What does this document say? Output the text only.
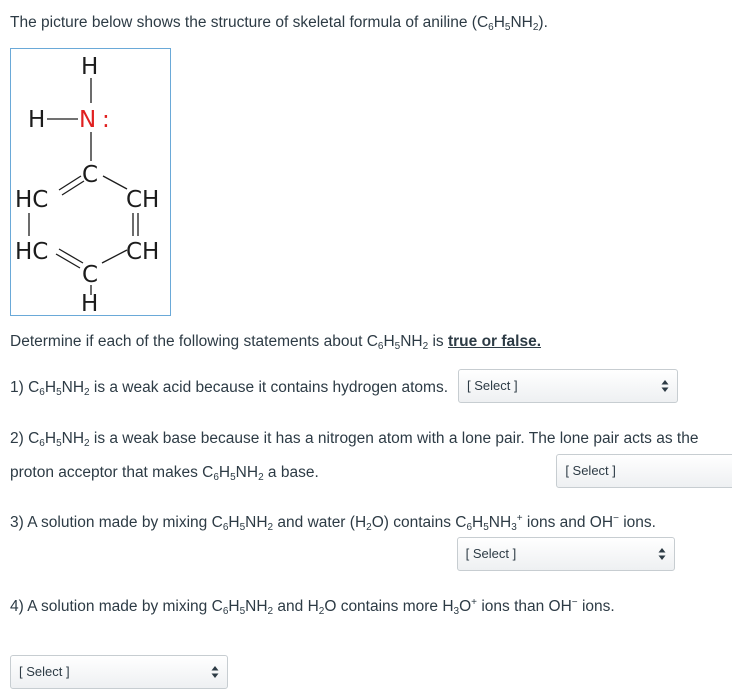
The picture below shows the structure of skeletal formula of aniline $(C_6H_5NH_2)$.
H
H N :
C
HC	CH
HC	CH
C
H
Determine if each of the following statements about $C_6H_5NH_2$ is true or false.
1) $C_6H_5NH_2$ is a weak acid because it contains hydrogen atoms. [ Select ]

2) $C_6H_5NH_2$ is a weak base because it has a nitrogen atom with a lone pair. The lone pair acts as the
proton acceptor that makes $C_6H_5NH_2$ a base.	[ Select ]

3) A solution made by mixing $C_6H_5NH_2$ and water $(H_2O)$ contains $C_6H_5NH_3^+$ ions and OH− ions.
[ Select ]

4) A solution made by mixing $C_6H_5NH_2$ and $H_2O$ contains more $H_3O^+$ ions than OH− ions.
[ Select ]
